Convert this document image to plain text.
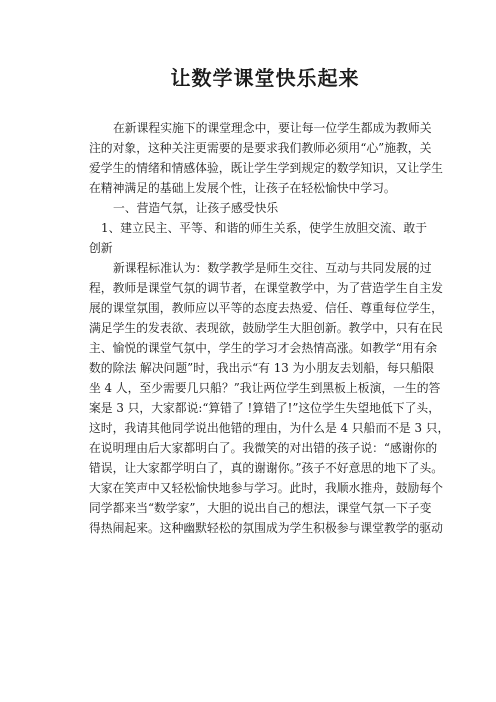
让数学课堂快乐起来

在新课程实施下的课堂理念中，要让每一位学生都成为教师关
注的对象，这种关注更需要的是要求我们教师必须用“心”施教，关
爱学生的情绪和情感体验，既让学生学到规定的数学知识，又让学生
在精神满足的基础上发展个性，让孩子在轻松愉快中学习。

一、营造气氛，让孩子感受快乐

1、建立民主、平等、和谐的师生关系，使学生放胆交流、敢于
创新

新课程标准认为：数学教学是师生交往、互动与共同发展的过
程，教师是课堂气氛的调节者，在课堂教学中，为了营造学生自主发
展的课堂氛围，教师应以平等的态度去热爱、信任、尊重每位学生，
满足学生的发表欲、表现欲，鼓励学生大胆创新。教学中，只有在民
主、愉悦的课堂气氛中，学生的学习才会热情高涨。如教学“用有余
数的除法 解决问题”时，我出示“有 13 为小朋友去划船，每只船限
坐 4 人，至少需要几只船？”我让两位学生到黑板上板演，一生的答
案是 3 只，大家都说:“算错了 !算错了!”这位学生失望地低下了头，
这时，我请其他同学说出他错的理由，为什么是 4 只船而不是 3 只，
在说明理由后大家都明白了。我微笑的对出错的孩子说：“感谢你的
错误，让大家都学明白了，真的谢谢你。”孩子不好意思的地下了头。
大家在笑声中又轻松愉快地参与学习。此时，我顺水推舟，鼓励每个
同学都来当“数学家”，大胆的说出自己的想法，课堂气氛一下子变
得热闹起来。这种幽默轻松的氛围成为学生积极参与课堂教学的驱动
